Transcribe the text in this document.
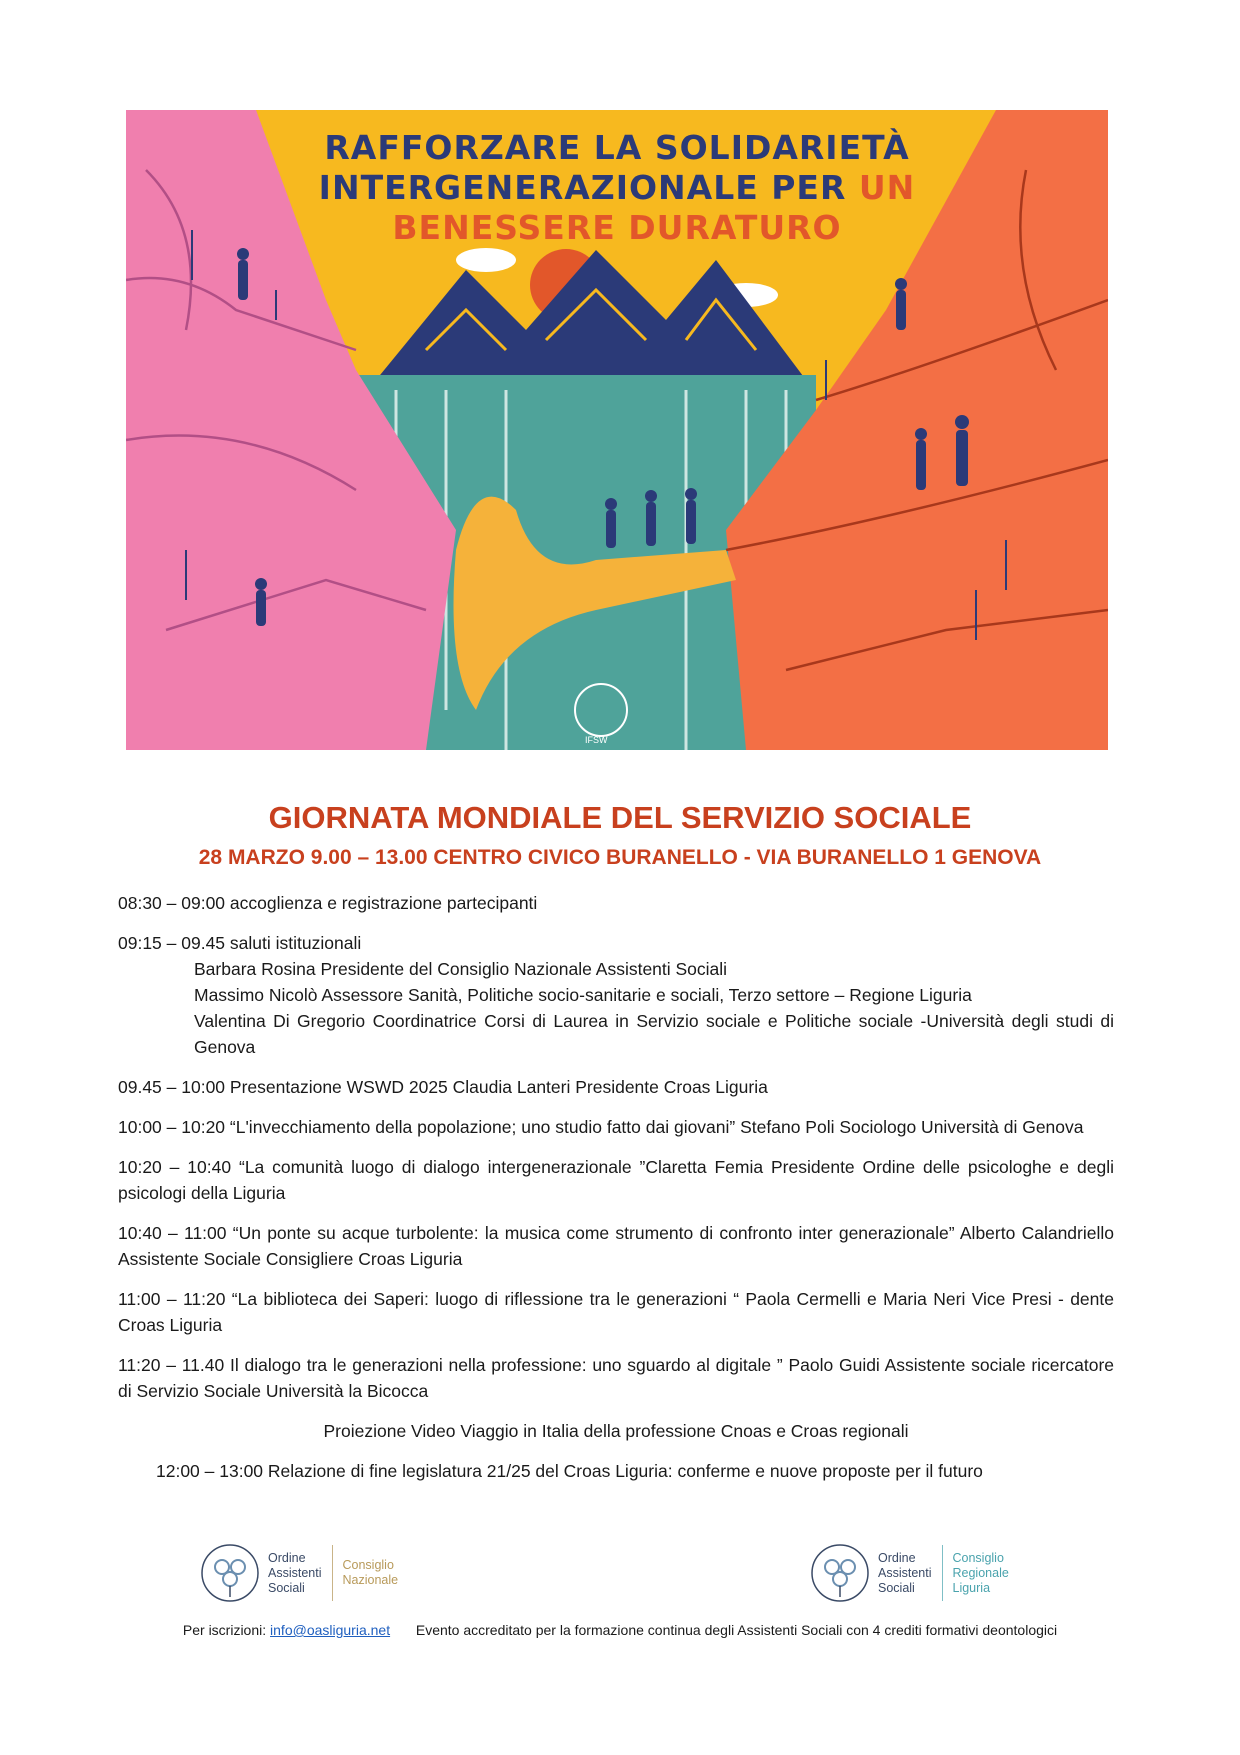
RAFFORZARE LA SOLIDARIETÀ
INTERGENERAZIONALE PER UN
BENESSERE DURATURO
IFSW
GIORNATA MONDIALE DEL SERVIZIO SOCIALE
28 MARZO 9.00 – 13.00 CENTRO CIVICO BURANELLO - VIA BURANELLO 1 GENOVA
08:30 – 09:00 accoglienza e registrazione partecipanti
09:15 – 09.45 saluti istituzionali
Barbara Rosina Presidente del Consiglio Nazionale Assistenti Sociali
Massimo Nicolò Assessore Sanità, Politiche socio-sanitarie e sociali, Terzo settore – Regione Liguria
Valentina Di Gregorio Coordinatrice Corsi di Laurea in Servizio sociale e Politiche sociale -Università degli studi di Genova
09.45 – 10:00 Presentazione WSWD 2025 Claudia Lanteri Presidente Croas Liguria
10:00 – 10:20 “L'invecchiamento della popolazione; uno studio fatto dai giovani” Stefano Poli Sociologo Università di Genova
10:20 – 10:40 “La comunità luogo di dialogo intergenerazionale ”Claretta Femia Presidente Ordine delle psicologhe e degli psicologi della Liguria
10:40 – 11:00 “Un ponte su acque turbolente: la musica come strumento di confronto inter generazionale” Alberto Calandriello Assistente Sociale Consigliere Croas Liguria
11:00 – 11:20 “La biblioteca dei Saperi: luogo di riflessione tra le generazioni “ Paola Cermelli e Maria Neri Vice Presi - dente Croas Liguria
11:20 – 11.40 Il dialogo tra le generazioni nella professione: uno sguardo al digitale ” Paolo Guidi Assistente sociale ricercatore di Servizio Sociale Università la Bicocca
Proiezione Video Viaggio in Italia della professione Cnoas e Croas regionali
12:00 – 13:00 Relazione di fine legislatura 21/25 del Croas Liguria: conferme e nuove proposte per il futuro
Ordine
Assistenti
Sociali
Consiglio
Nazionale
Ordine
Assistenti
Sociali
Consiglio
Regionale
Liguria
Per iscrizioni: info@oasliguria.net Evento accreditato per la formazione continua degli Assistenti Sociali con 4 crediti formativi deontologici
